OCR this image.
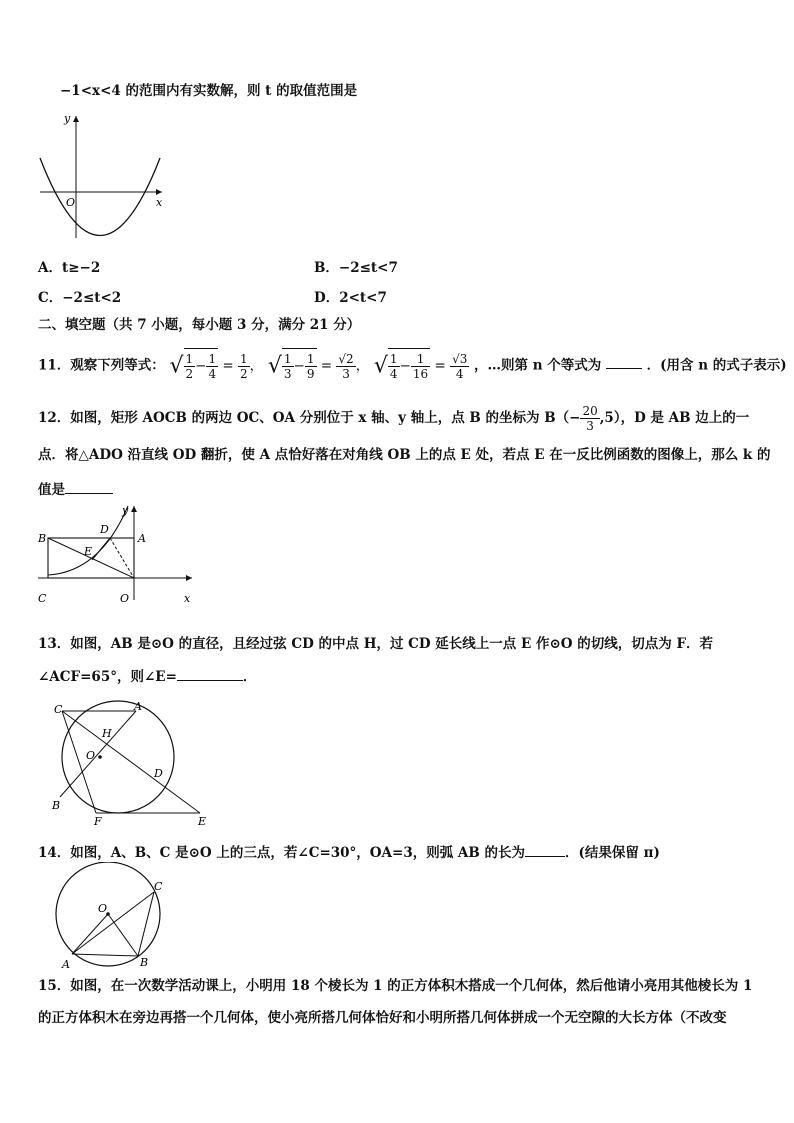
−1<x<4 的范围内有实数解，则 t 的取值范围是
y
x
O
A．t≥−2	B．−2≤t<7
C．−2≤t<2	D．2<t<7
二、填空题（共 7 小题，每小题 3 分，满分 21 分）
11．观察下列等式： √ $\frac{1}{2} - \frac{1}{4} = \frac{1}{2}$ ， √ $\frac{1}{3} - \frac{1}{9} = \frac{√2}{3}$ ， √ $\frac{1}{4} - \frac{1}{16} = \frac{√3}{4}$ ，…则第 n 个等式为	．(用含 n 的式子表示)
12．如图，矩形 AOCB 的两边 OC、OA 分别位于 x 轴、y 轴上，点 B 的坐标为 $B(- \frac{20}{3} ,5)$，D 是 AB 边上的一
点．将△ADO 沿直线 OD 翻折，使 A 点恰好落在对角线 OB 上的点 E 处，若点 E 在一反比例函数的图像上，那么 k 的
值是
B	A
D
E
y
C	O	x
13．如图，AB 是⊙O 的直径，且经过弦 CD 的中点 H，过 CD 延长线上一点 E 作⊙O 的切线，切点为 F．若
∠ACF=65°，则∠E=	．
C	A
H
O
D
B
F	E
14．如图，A、B、C 是⊙O 上的三点，若∠C=30°，OA=3，则弧 AB 的长为	．(结果保留 π)
O
C
A	B
15．如图，在一次数学活动课上，小明用 18 个棱长为 1 的正方体积木搭成一个几何体，然后他请小亮用其他棱长为 1
的正方体积木在旁边再搭一个几何体，使小亮所搭几何体恰好和小明所搭几何体拼成一个无空隙的大长方体（不改变
